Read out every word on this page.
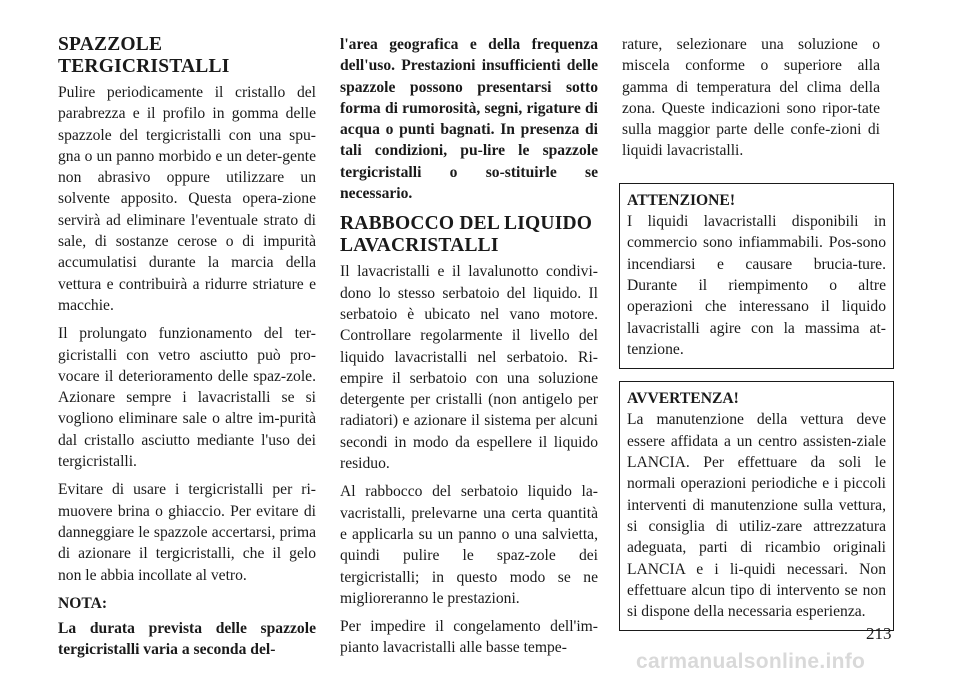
SPAZZOLE
TERGICRISTALLI

Pulire periodicamente il cristallo del parabrezza e il profilo in gomma delle spazzole del tergicristalli con una spu-gna o un panno morbido e un deter-gente non abrasivo oppure utilizzare un solvente apposito. Questa opera-zione servirà ad eliminare l'eventuale strato di sale, di sostanze cerose o di impurità accumulatisi durante la marcia della vettura e contribuirà a ridurre striature e macchie.

Il prolungato funzionamento del ter-gicristalli con vetro asciutto può pro-vocare il deterioramento delle spaz-zole. Azionare sempre i lavacristalli se si vogliono eliminare sale o altre im-purità dal cristallo asciutto mediante l'uso dei tergicristalli.

Evitare di usare i tergicristalli per ri-muovere brina o ghiaccio. Per evitare di danneggiare le spazzole accertarsi, prima di azionare il tergicristalli, che il gelo non le abbia incollate al vetro.

NOTA:

La durata prevista delle spazzole tergicristalli varia a seconda del-

l'area geografica e della frequenza dell'uso. Prestazioni insufficienti delle spazzole possono presentarsi sotto forma di rumorosità, segni, rigature di acqua o punti bagnati. In presenza di tali condizioni, pu-lire le spazzole tergicristalli o so-stituirle se necessario.

RABBOCCO DEL LIQUIDO
LAVACRISTALLI

Il lavacristalli e il lavalunotto condivi-dono lo stesso serbatoio del liquido. Il serbatoio è ubicato nel vano motore. Controllare regolarmente il livello del liquido lavacristalli nel serbatoio. Ri-empire il serbatoio con una soluzione detergente per cristalli (non antigelo per radiatori) e azionare il sistema per alcuni secondi in modo da espellere il liquido residuo.

Al rabbocco del serbatoio liquido la-vacristalli, prelevarne una certa quantità e applicarla su un panno o una salvietta, quindi pulire le spaz-zole dei tergicristalli; in questo modo se ne miglioreranno le prestazioni.

Per impedire il congelamento dell'im-pianto lavacristalli alle basse tempe-

rature, selezionare una soluzione o miscela conforme o superiore alla gamma di temperatura del clima della zona. Queste indicazioni sono ripor-tate sulla maggior parte delle confe-zioni di liquidi lavacristalli.

ATTENZIONE!
I liquidi lavacristalli disponibili in commercio sono infiammabili. Pos-sono incendiarsi e causare brucia-ture. Durante il riempimento o altre operazioni che interessano il liquido lavacristalli agire con la massima at-tenzione.
AVVERTENZA!
La manutenzione della vettura deve essere affidata a un centro assisten-ziale LANCIA. Per effettuare da soli le normali operazioni periodiche e i piccoli interventi di manutenzione sulla vettura, si consiglia di utiliz-zare attrezzatura adeguata, parti di ricambio originali LANCIA e i li-quidi necessari. Non effettuare alcun tipo di intervento se non si dispone della necessaria esperienza.
213
carmanualsonline.info
